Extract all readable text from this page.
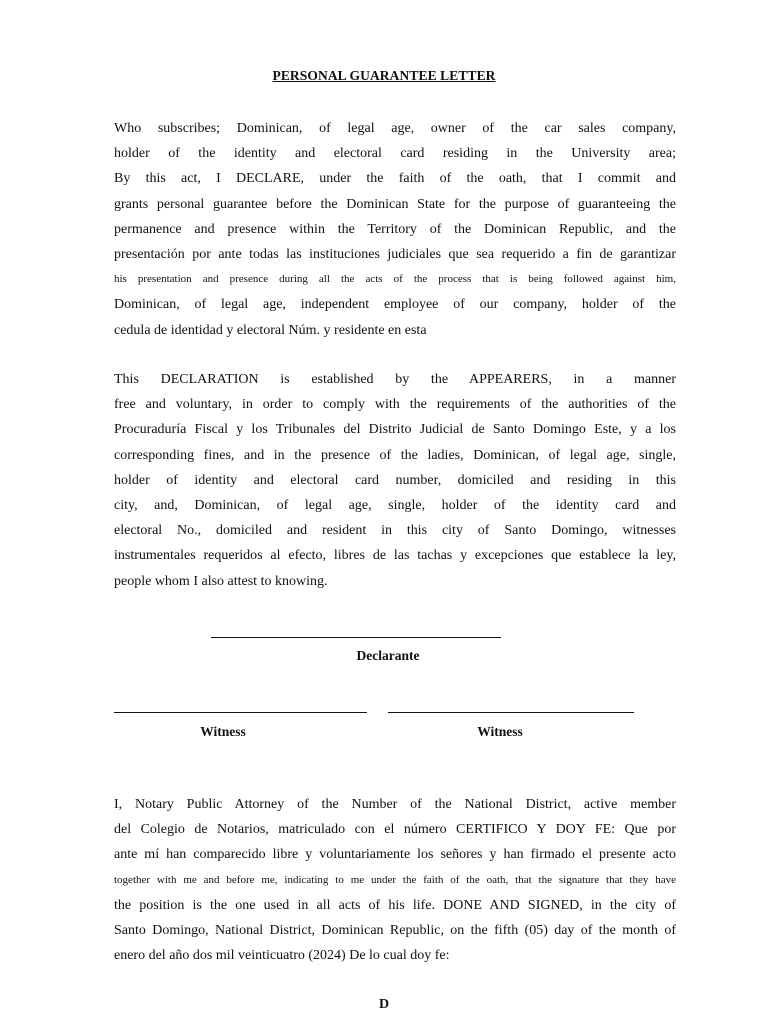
PERSONAL GUARANTEE LETTER
Who subscribes; Dominican, of legal age, owner of the car sales company,
holder of the identity and electoral card residing in the University area;
By this act, I DECLARE, under the faith of the oath, that I commit and
grants personal guarantee before the Dominican State for the purpose of guaranteeing the
permanence and presence within the Territory of the Dominican Republic, and the
presentación por ante todas las instituciones judiciales que sea requerido a fin de garantizar
his presentation and presence during all the acts of the process that is being followed against him,
Dominican, of legal age, independent employee of our company, holder of the
cedula de identidad y electoral Núm. y residente en esta
This DECLARATION is established by the APPEARERS, in a manner
free and voluntary, in order to comply with the requirements of the authorities of the
Procuraduría Fiscal y los Tribunales del Distrito Judicial de Santo Domingo Este, y a los
corresponding fines, and in the presence of the ladies, Dominican, of legal age, single,
holder of identity and electoral card number, domiciled and residing in this
city, and, Dominican, of legal age, single, holder of the identity card and
electoral No., domiciled and resident in this city of Santo Domingo, witnesses
instrumentales requeridos al efecto, libres de las tachas y excepciones que establece la ley,
people whom I also attest to knowing.
Declarante
Witness	Witness
I, Notary Public Attorney of the Number of the National District, active member
del Colegio de Notarios, matriculado con el número CERTIFICO Y DOY FE: Que por
ante mí han comparecido libre y voluntariamente los señores y han firmado el presente acto
together with me and before me, indicating to me under the faith of the oath, that the signature that they have
the position is the one used in all acts of his life. DONE AND SIGNED, in the city of
Santo Domingo, National District, Dominican Republic, on the fifth (05) day of the month of
enero del año dos mil veinticuatro (2024) De lo cual doy fe:
D
